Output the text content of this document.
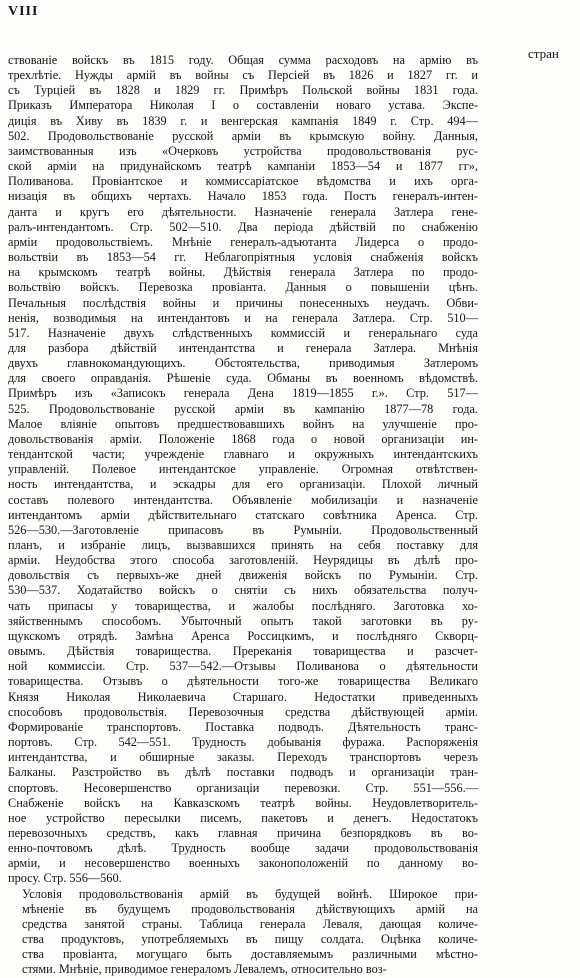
VIII
стран
ствованіе войскъ въ 1815 году. Общая сумма расходовъ на армію въ
трехлѣтіе. Нужды армій въ войны съ Персіей въ 1826 и 1827 гг. и
съ Турціей въ 1828 и 1829 гг. Примѣръ Польской войны 1831 года.
Приказъ Императора Николая I о составленіи новаго устава. Экспе-
диція въ Хиву въ 1839 г. и венгерская кампанія 1849 г. Стр. 494—
502. Продовольствованіе русской арміи въ крымскую войну. Данныя,
заимствованныя изъ «Очерковъ устройства продовольствованія рус-
ской арміи на придунайскомъ театрѣ кампаніи 1853—54 и 1877 гг»,
Поливанова. Провіантское и коммиссаріатское вѣдомства и ихъ орга-
низація въ общихъ чертахъ. Начало 1853 года. Постъ генералъ-интен-
данта и кругъ его дѣятельности. Назначеніе генерала Затлера гене-
ралъ-интендантомъ. Стр. 502—510. Два періода дѣйствій по снабженію
арміи продовольствіемъ. Мнѣніе генералъ-адъютанта Лидерса о продо-
вольствіи въ 1853—54 гг. Неблагопріятныя условія снабженія войскъ
на крымскомъ театрѣ войны. Дѣйствія генерала Затлера по продо-
вольствію войскъ. Перевозка провіанта. Данныя о повышеніи цѣнъ.
Печальныя послѣдствія войны и причины понесенныхъ неудачъ. Обви-
ненія, возводимыя на интендантовъ и на генерала Затлера. Стр. 510—
517. Назначеніе двухъ слѣдственныхъ коммиссій и генеральнаго суда
для разбора дѣйствій интендантства и генерала Затлера. Мнѣнія
двухъ главнокомандующихъ. Обстоятельства, приводимыя Затлеромъ
для своего оправданія. Рѣшеніе суда. Обманы въ военномъ вѣдомствѣ.
Примѣръ изъ «Записокъ генерала Дена 1819—1855 г.». Стр. 517—
525. Продовольствованіе русской арміи въ кампанію 1877—78 года.
Малое вліяніе опытовъ предшествовавшихъ войнъ на улучшеніе про-
довольствованія арміи. Положеніе 1868 года о новой организаціи ин-
тендантской части; учрежденіе главнаго и окружныхъ интендантскихъ
управленій. Полевое интендантское управленіе. Огромная отвѣтствен-
ность интендантства, и эскадры для его организаціи. Плохой личный
составъ полевого интендантства. Объявленіе мобилизаціи и назначеніе
интендантомъ арміи дѣйствительнаго статскаго совѣтника Аренса. Стр.
526—530.—Заготовленіе припасовъ въ Румыніи. Продовольственный
планъ, и избраніе лицъ, вызвавшихся принять на себя поставку для
арміи. Неудобства этого способа заготовленій. Неурядицы въ дѣлѣ про-
довольствія съ первыхъ-же дней движенія войскъ по Румыніи. Стр.
530—537. Ходатайство войскъ о снятіи съ нихъ обязательства получ-
чать припасы у товарищества, и жалобы послѣдняго. Заготовка хо-
зяйственнымъ способомъ. Убыточный опытъ такой заготовки въ ру-
щукскомъ отрядѣ. Замѣна Аренса Россицкимъ, и послѣдняго Скворц-
овымъ. Дѣйствія товарищества. Пререканія товарищества и разсчет-
ной коммиссіи. Стр. 537—542.—Отзывы Поливанова о дѣятельности
товарищества. Отзывъ о дѣятельности того-же товарищества Великаго
Князя Николая Николаевича Старшаго. Недостатки приведенныхъ
способовъ продовольствія. Перевозочныя средства дѣйствующей арміи.
Формированіе транспортовъ. Поставка подводъ. Дѣятельность транс-
портовъ. Стр. 542—551. Трудность добыванія фуража. Распоряженія
интендантства, и обширные заказы. Переходъ транспортовъ черезъ
Балканы. Разстройство въ дѣлѣ поставки подводъ и организаціи тран-
спортовъ. Несовершенство организаціи перевозки. Стр. 551—556.—
Снабженіе войскъ на Кавказскомъ театрѣ войны. Неудовлетворитель-
ное устройство пересылки писемъ, пакетовъ и денегъ. Недостатокъ
перевозочныхъ средствъ, какъ главная причина безпорядковъ въ во-
енно-почтовомъ дѣлѣ. Трудность вообще задачи продовольствованія
арміи, и несовершенство военныхъ законоположеній по данному во-
просу. Стр. 556—560.
Условія продовольствованія армій въ будущей войнѣ. Широкое при-
мѣненіе въ будущемъ продовольствованія дѣйствующихъ армій на
средства занятой страны. Таблица генерала Леваля, дающая количе-
ства продуктовъ, употребляемыхъ въ пищу солдата. Оцѣнка количе-
ства провіанта, могущаго быть доставляемымъ различными мѣстно-
стями. Мнѣніе, приводимое генераломъ Левалемъ, относительно воз-
